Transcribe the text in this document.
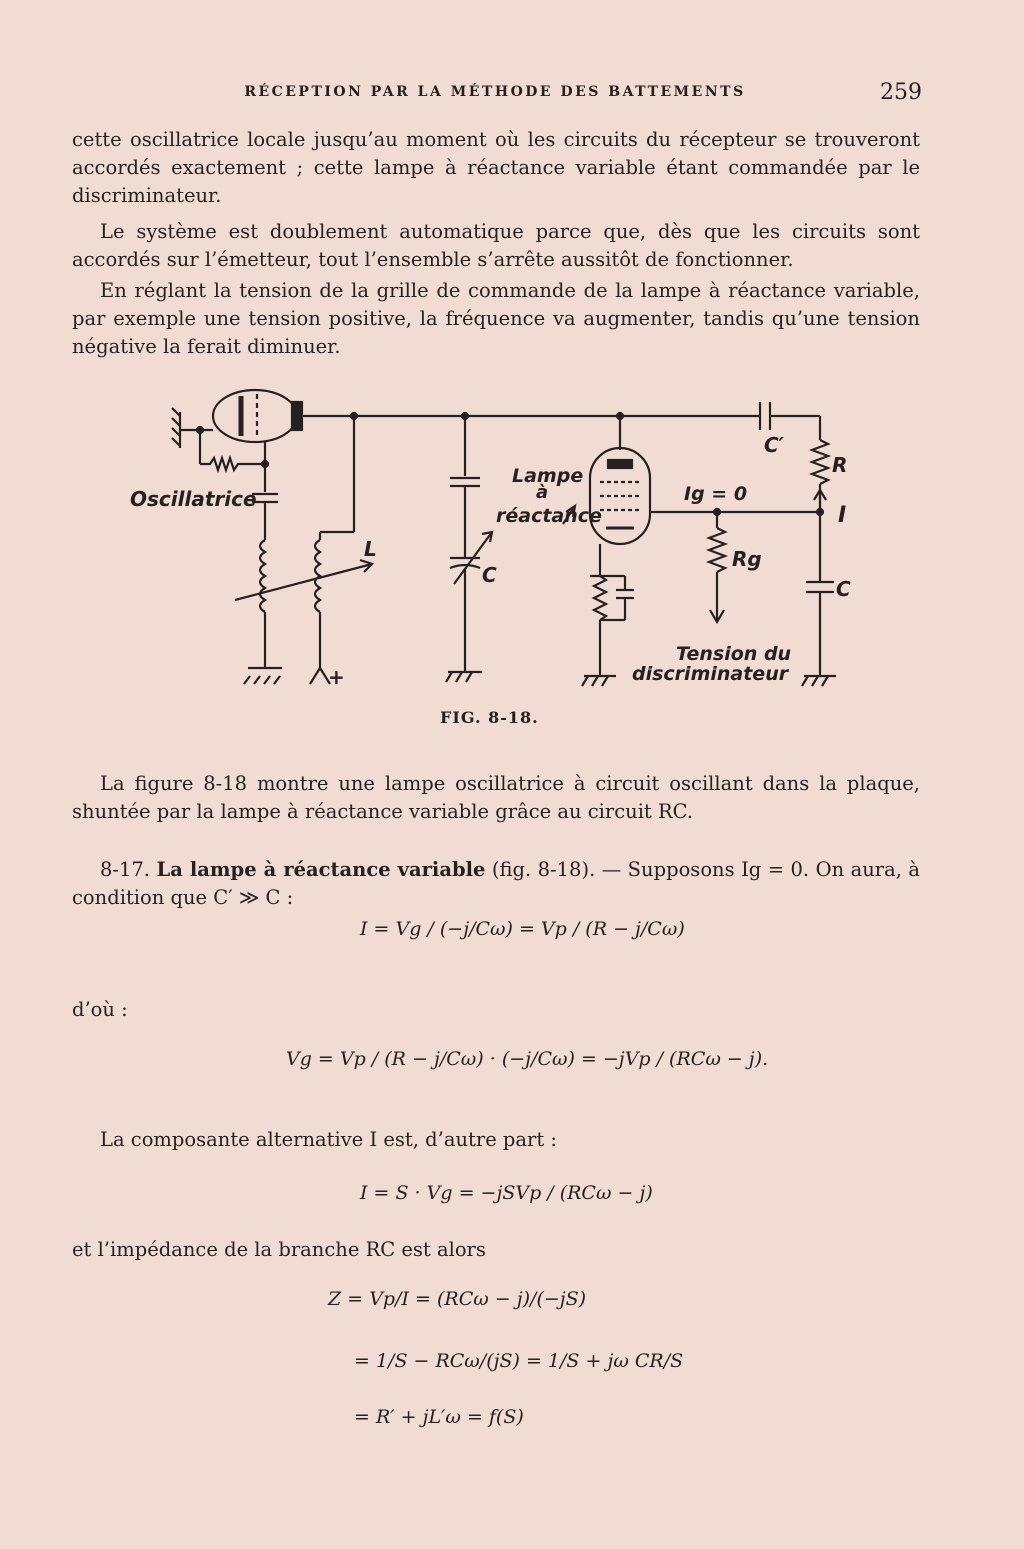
RÉCEPTION PAR LA MÉTHODE DES BATTEMENTS	259

cette oscillatrice locale jusqu’au moment où les circuits du récepteur se trouveront accordés exactement ; cette lampe à réactance variable étant commandée par le discriminateur.

Le système est doublement automatique parce que, dès que les circuits sont accordés sur l’émetteur, tout l’ensemble s’arrête aussitôt de fonctionner.

En réglant la tension de la grille de commande de la lampe à réactance variable, par exemple une tension positive, la fréquence va augmenter, tandis qu’une tension négative la ferait diminuer.

Oscillatrice
Lampe
à
réactance
L
C
C′
R
I
Ig = 0
Rg
C
+
Tension du
discriminateur
FIG. 8-18.

La figure 8-18 montre une lampe oscillatrice à circuit oscillant dans la plaque, shuntée par la lampe à réactance variable grâce au circuit RC.

8-17. La lampe à réactance variable (fig. 8-18). — Supposons Ig = 0. On aura, à condition que C′ ≫ C :

I = Vg / (−j/Cω) = Vp / (R − j/Cω)

d’où :

Vg = Vp / (R − j/Cω) · (−j/Cω) = −jVp / (RCω − j).

La composante alternative I est, d’autre part :

I = S · Vg = −jSVp / (RCω − j)

et l’impédance de la branche RC est alors

Z = Vp/I = (RCω − j)/(−jS)
= 1/S − RCω/(jS) = 1/S + jω CR/S
= R′ + jL′ω = f(S)
